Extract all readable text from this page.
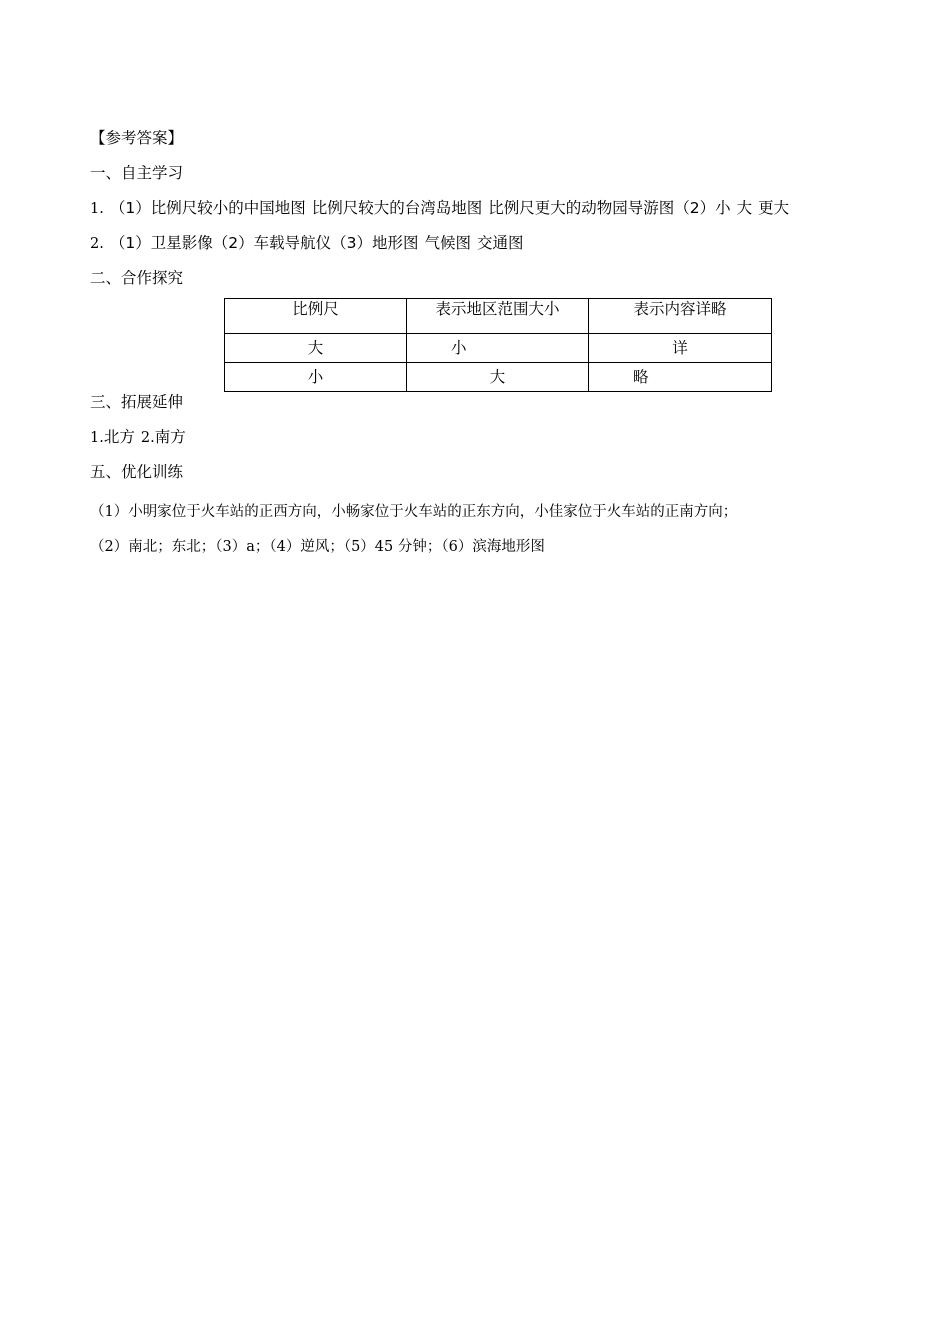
【参考答案】
一、自主学习
1. （1）比例尺较小的中国地图 比例尺较大的台湾岛地图 比例尺更大的动物园导游图（2）小 大 更大
2. （1）卫星影像（2）车载导航仪（3）地形图 气候图 交通图
二、合作探究
比例尺	表示地区范围大小	表示内容详略
大	小	详
小	大	略
三、拓展延伸
1.北方 2.南方
五、优化训练
（1）小明家位于火车站的正西方向，小畅家位于火车站的正东方向，小佳家位于火车站的正南方向；
（2）南北；东北；（3）a；（4）逆风；（5）45 分钟；（6）滨海地形图
